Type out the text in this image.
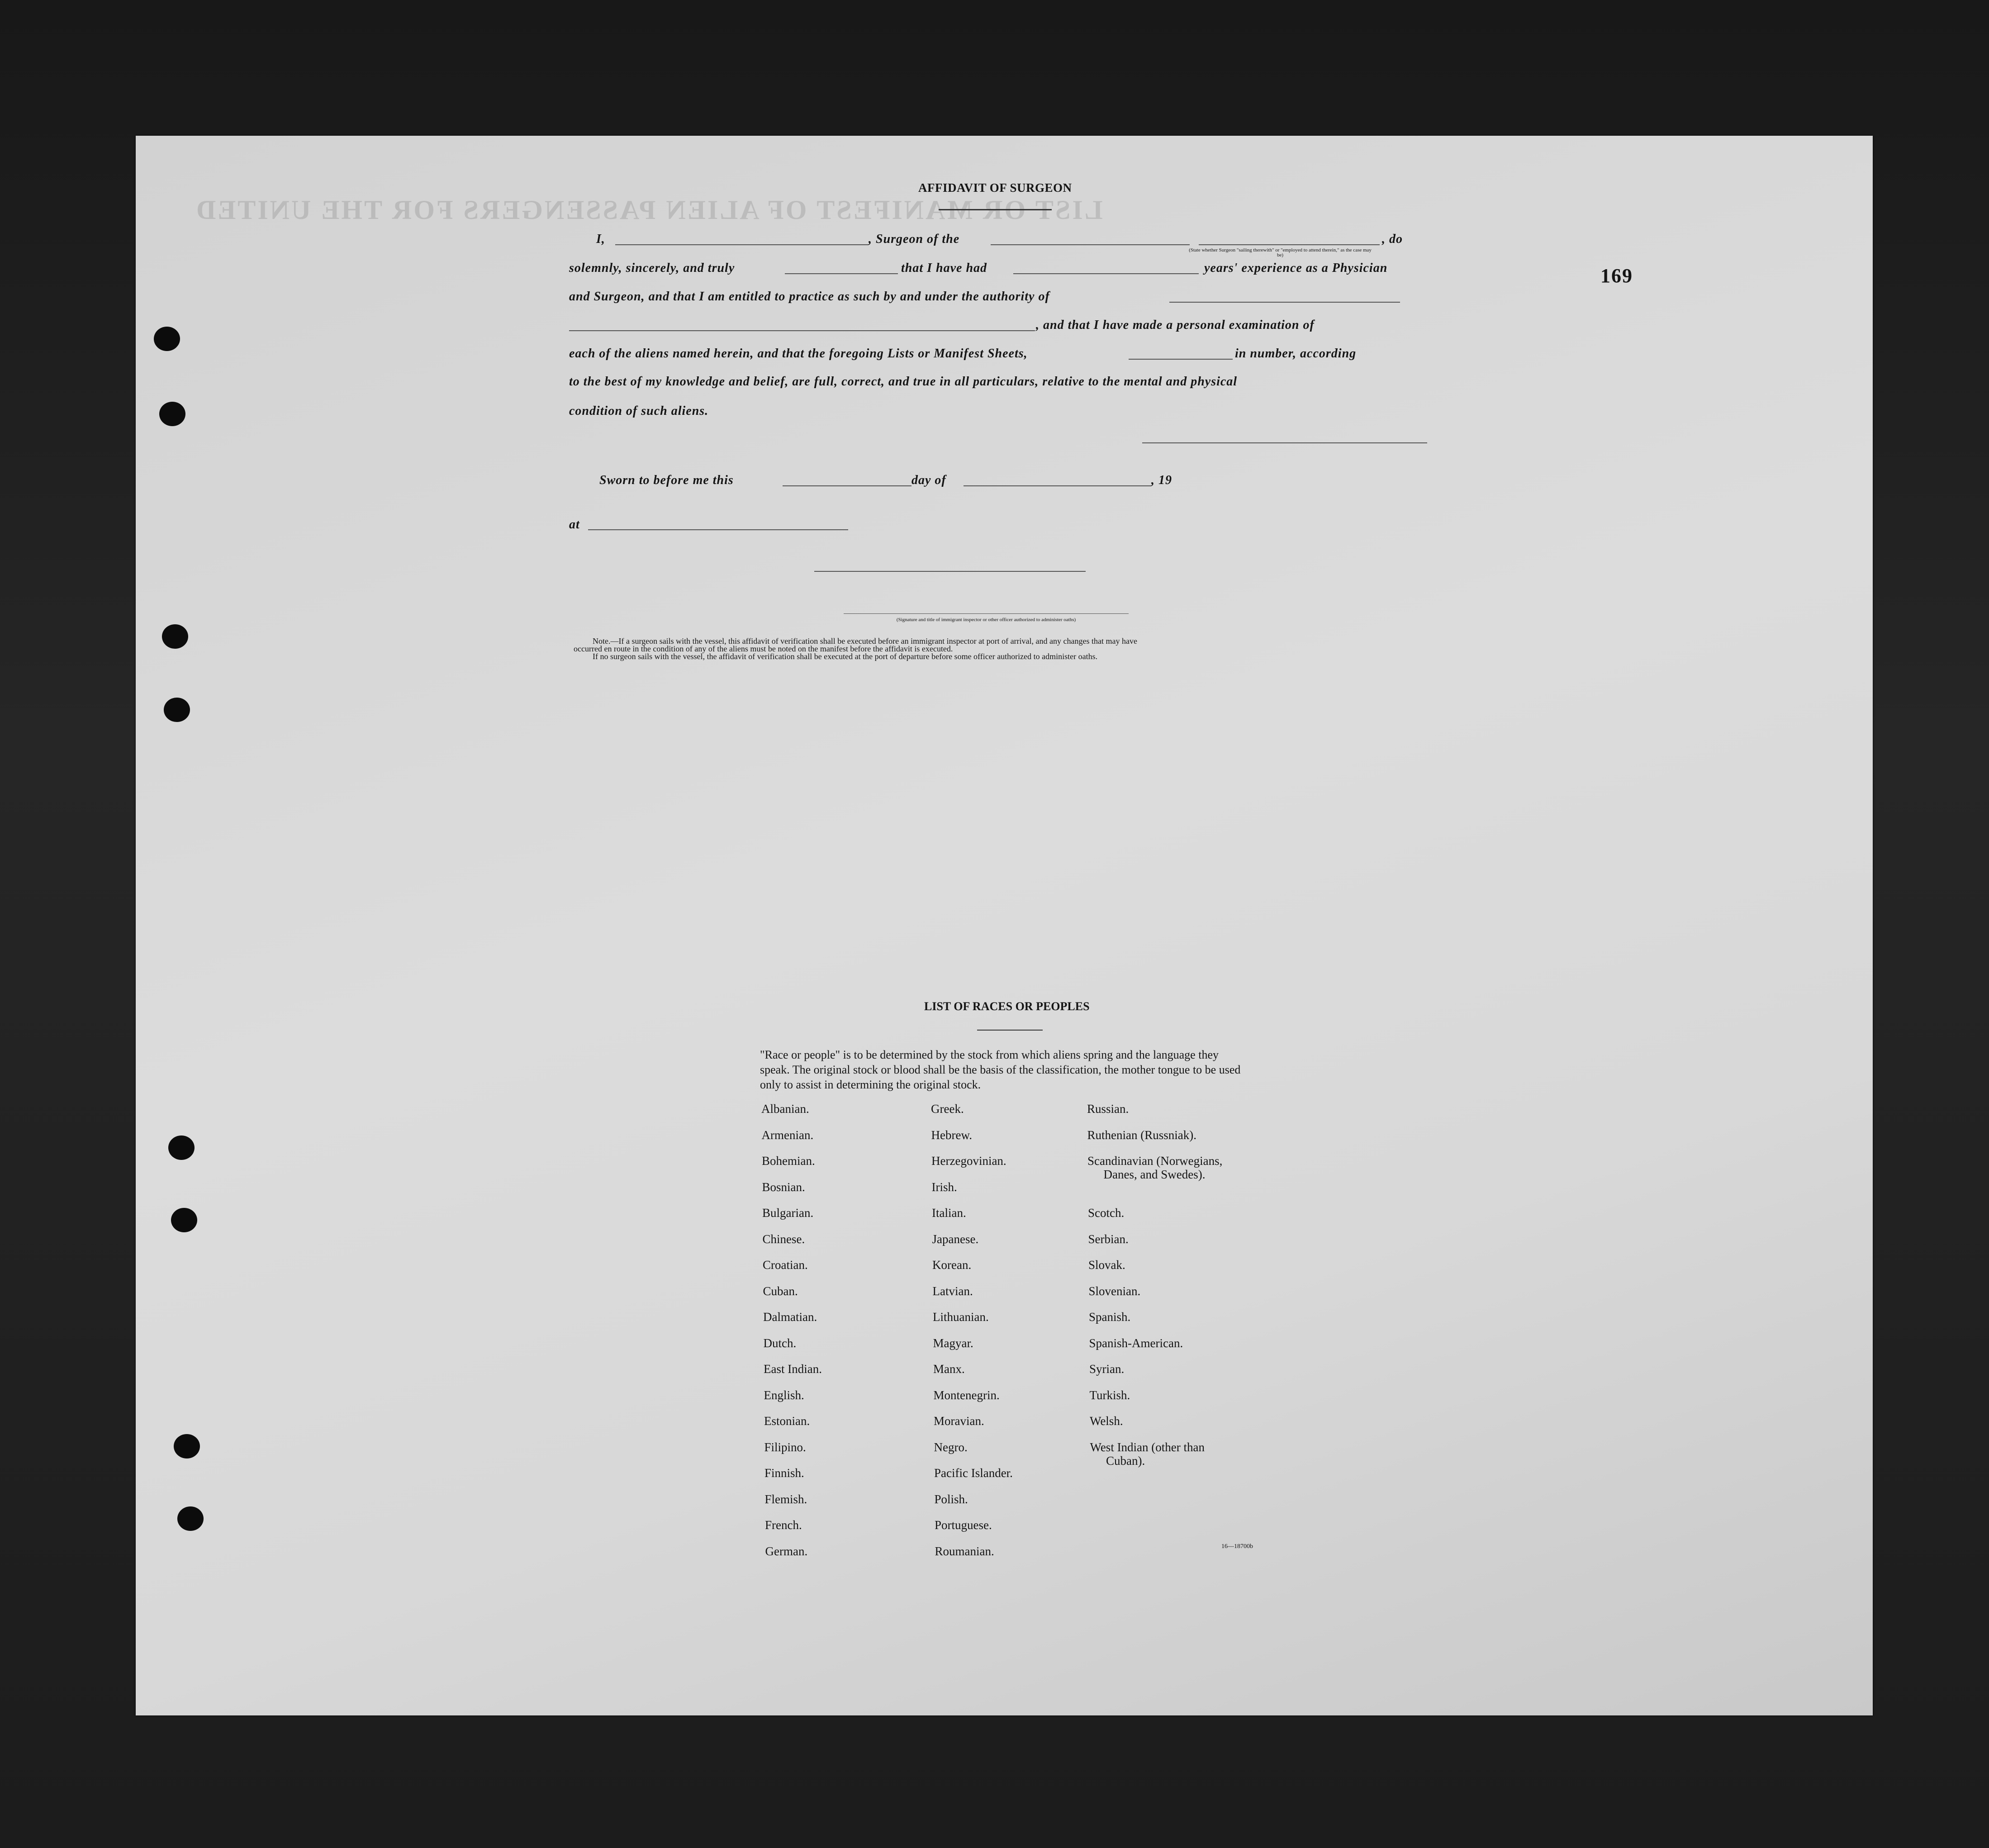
LIST OR MANIFEST OF ALIEN PASSENGERS FOR THE UNITED
169
AFFIDAVIT OF SURGEON
I,	, Surgeon of the	, do
(State whether Surgeon "sailing therewith" or "employed to attend therein," as the case may be)
solemnly, sincerely, and truly	that I have had	years' experience as a Physician
and Surgeon, and that I am entitled to practice as such by and under the authority of
, and that I have made a personal examination of
each of the aliens named herein, and that the foregoing Lists or Manifest Sheets,	in number, according
to the best of my knowledge and belief, are full, correct, and true in all particulars, relative to the mental and physical
condition of such aliens.
Sworn to before me this	day of	, 19
at
(Signature and title of immigrant inspector or other officer authorized to administer oaths)
Note.—If a surgeon sails with the vessel, this affidavit of verification shall be executed before an immigrant inspector at port of arrival, and any changes that may have
occurred en route in the condition of any of the aliens must be noted on the manifest before the affidavit is executed.
If no surgeon sails with the vessel, the affidavit of verification shall be executed at the port of departure before some officer authorized to administer oaths.
LIST OF RACES OR PEOPLES
"Race or people" is to be determined by the stock from which aliens spring and the language they speak. The original stock or blood shall be the basis of the classification, the mother tongue to be used only to assist in determining the original stock.
Albanian.
Armenian.
Bohemian.
Bosnian.
Bulgarian.
Chinese.
Croatian.
Cuban.
Dalmatian.
Dutch.
East Indian.
English.
Estonian.
Filipino.
Finnish.
Flemish.
French.
German.
Greek.
Hebrew.
Herzegovinian.
Irish.
Italian.
Japanese.
Korean.
Latvian.
Lithuanian.
Magyar.
Manx.
Montenegrin.
Moravian.
Negro.
Pacific Islander.
Polish.
Portuguese.
Roumanian.
Russian.
Ruthenian (Russniak).
Scandinavian (Norwegians,
Danes, and Swedes).
Scotch.
Serbian.
Slovak.
Slovenian.
Spanish.
Spanish-American.
Syrian.
Turkish.
Welsh.
West Indian (other than
Cuban).
16—18700b
